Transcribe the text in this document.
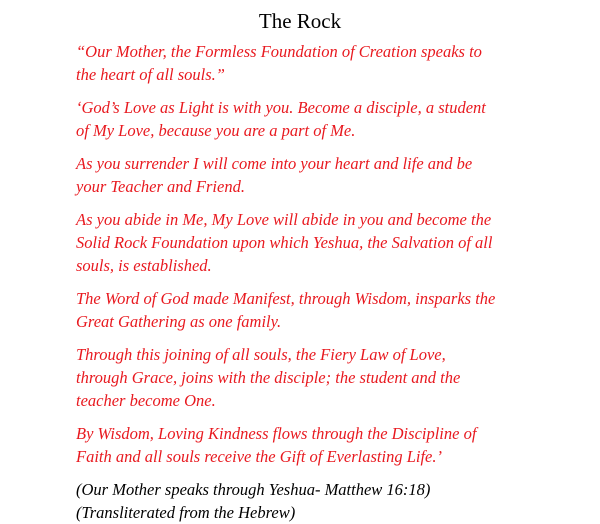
The Rock

“Our Mother, the Formless Foundation of Creation speaks to
the heart of all souls.”

‘God’s Love as Light is with you. Become a disciple, a student
of My Love, because you are a part of Me.

As you surrender I will come into your heart and life and be
your Teacher and Friend.

As you abide in Me, My Love will abide in you and become the
Solid Rock Foundation upon which Yeshua, the Salvation of all
souls, is established.

The Word of God made Manifest, through Wisdom, insparks the
Great Gathering as one family.

Through this joining of all souls, the Fiery Law of Love,
through Grace, joins with the disciple; the student and the
teacher become One.

By Wisdom, Loving Kindness flows through the Discipline of
Faith and all souls receive the Gift of Everlasting Life.’

(Our Mother speaks through Yeshua- Matthew 16:18)
(Transliterated from the Hebrew)
